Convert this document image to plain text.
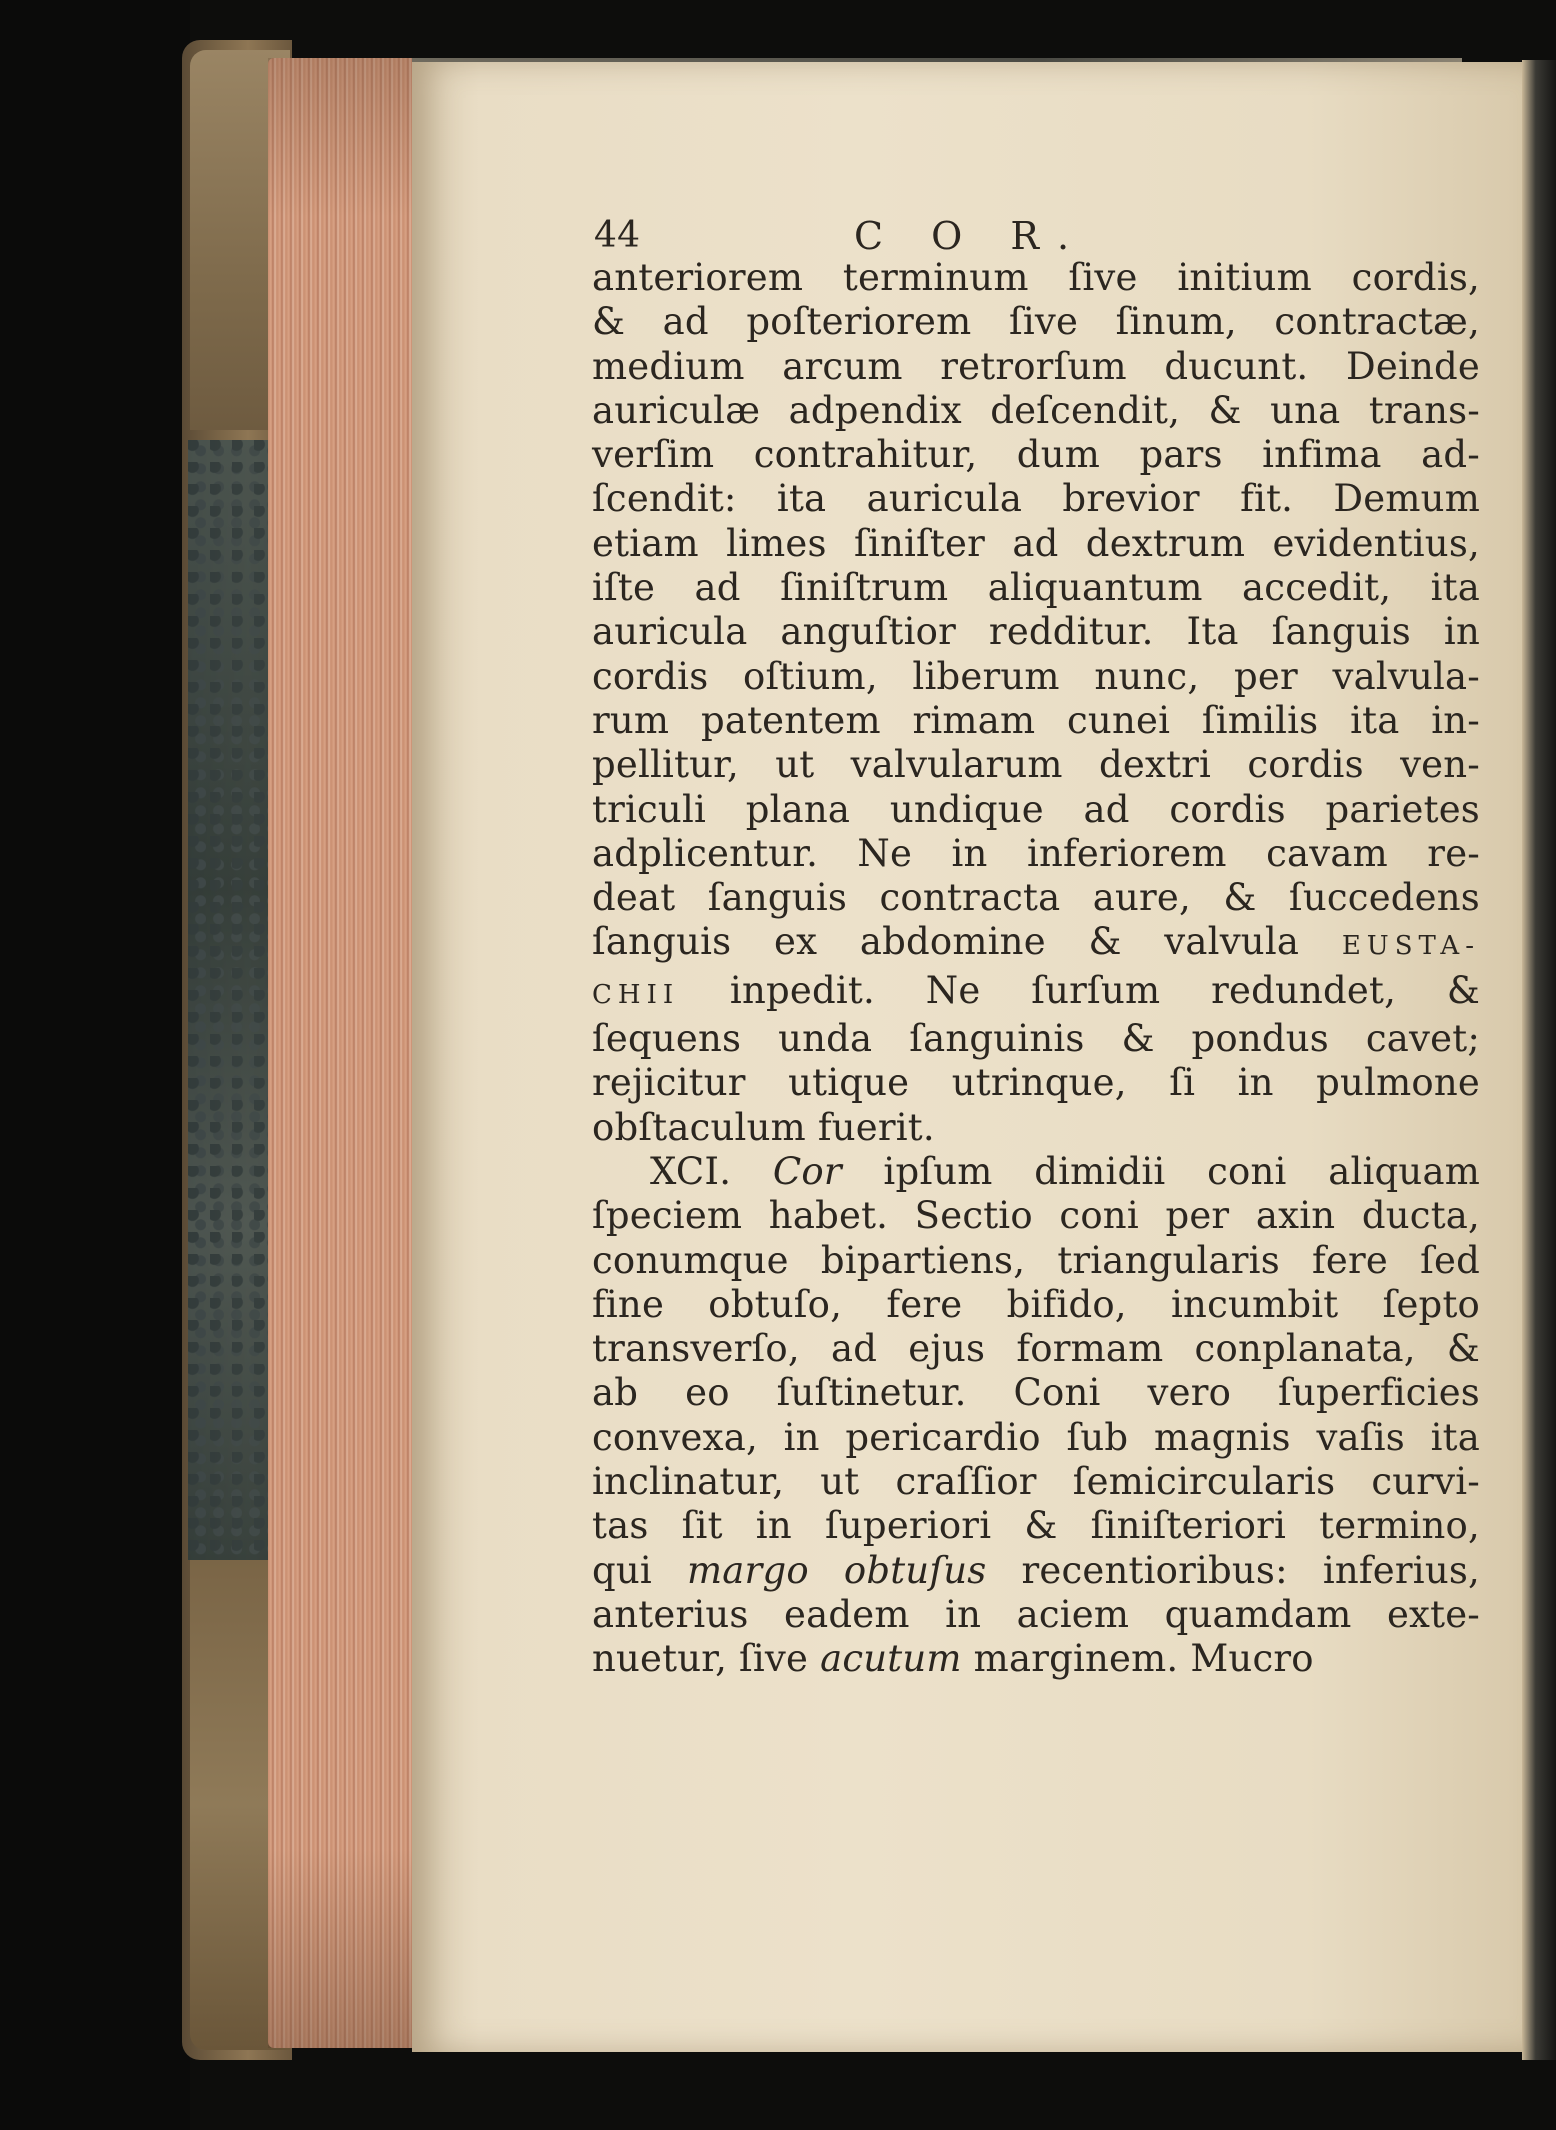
44	C O R.
anteriorem terminum ſive initium cordis,
& ad poſteriorem ſive ſinum, contractæ,
medium arcum retrorſum ducunt. Deinde
auriculæ adpendix deſcendit, & una trans-
verſim contrahitur, dum pars infima ad-
ſcendit: ita auricula brevior fit. Demum
etiam limes ſiniſter ad dextrum evidentius,
iſte ad ſiniſtrum aliquantum accedit, ita
auricula anguſtior redditur. Ita ſanguis in
cordis oſtium, liberum nunc, per valvula-
rum patentem rimam cunei ſimilis ita in-
pellitur, ut valvularum dextri cordis ven-
triculi plana undique ad cordis parietes
adplicentur. Ne in inferiorem cavam re-
deat ſanguis contracta aure, & ſuccedens
ſanguis ex abdomine & valvula EUSTA-
CHII inpedit. Ne ſurſum redundet, &
ſequens unda ſanguinis & pondus cavet;
rejicitur utique utrinque, ſi in pulmone
obſtaculum fuerit.
XCI. Cor ipſum dimidii coni aliquam
ſpeciem habet. Sectio coni per axin ducta,
conumque bipartiens, triangularis fere ſed
fine obtuſo, fere bifido, incumbit ſepto
transverſo, ad ejus formam conplanata, &
ab eo ſuſtinetur. Coni vero ſuperficies
convexa, in pericardio ſub magnis vaſis ita
inclinatur, ut craſſior ſemicircularis curvi-
tas ſit in ſuperiori & ſiniſteriori termino,
qui margo obtuſus recentioribus: inferius,
anterius eadem in aciem quamdam exte-
nuetur, ſive acutum marginem. Mucro
